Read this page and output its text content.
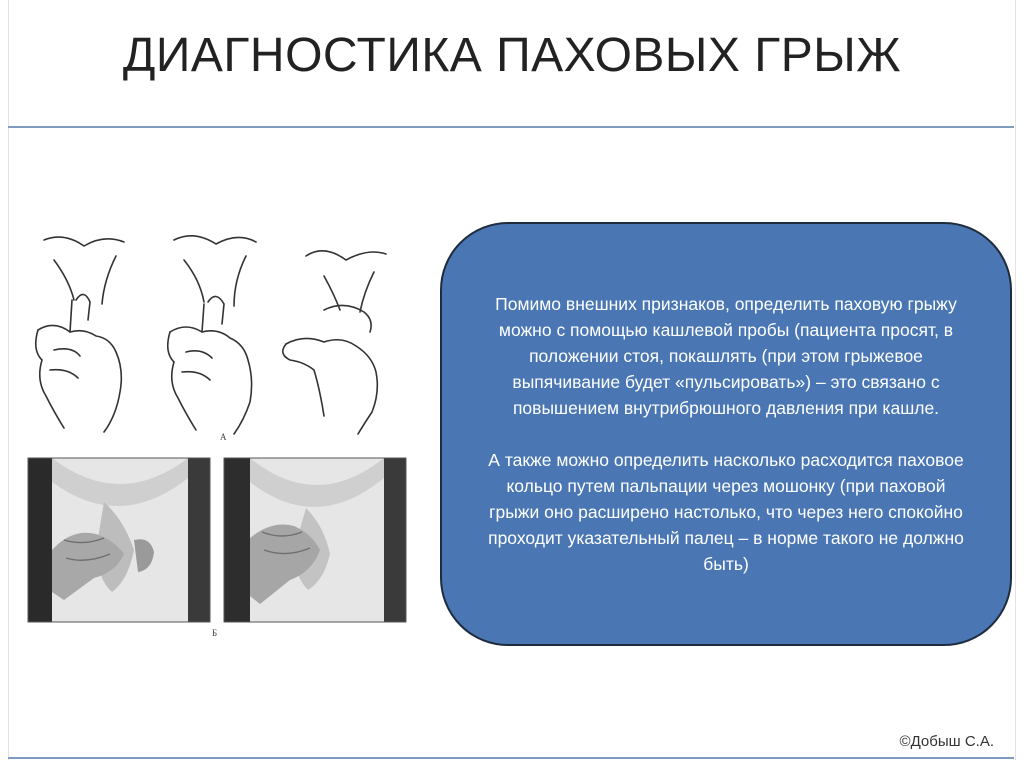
ДИАГНОСТИКА ПАХОВЫХ ГРЫЖ
А
Б

Помимо внешних признаков, определить паховую грыжу можно с помощью кашлевой пробы (пациента просят, в положении стоя, покашлять (при этом грыжевое выпячивание будет «пульсировать») – это связано с повышением внутрибрюшного давления при кашле.

А также можно определить насколько расходится паховое кольцо путем пальпации через мошонку (при паховой грыжи оно расширено настолько, что через него спокойно проходит указательный палец – в норме такого не должно быть)

©Добыш С.А.
